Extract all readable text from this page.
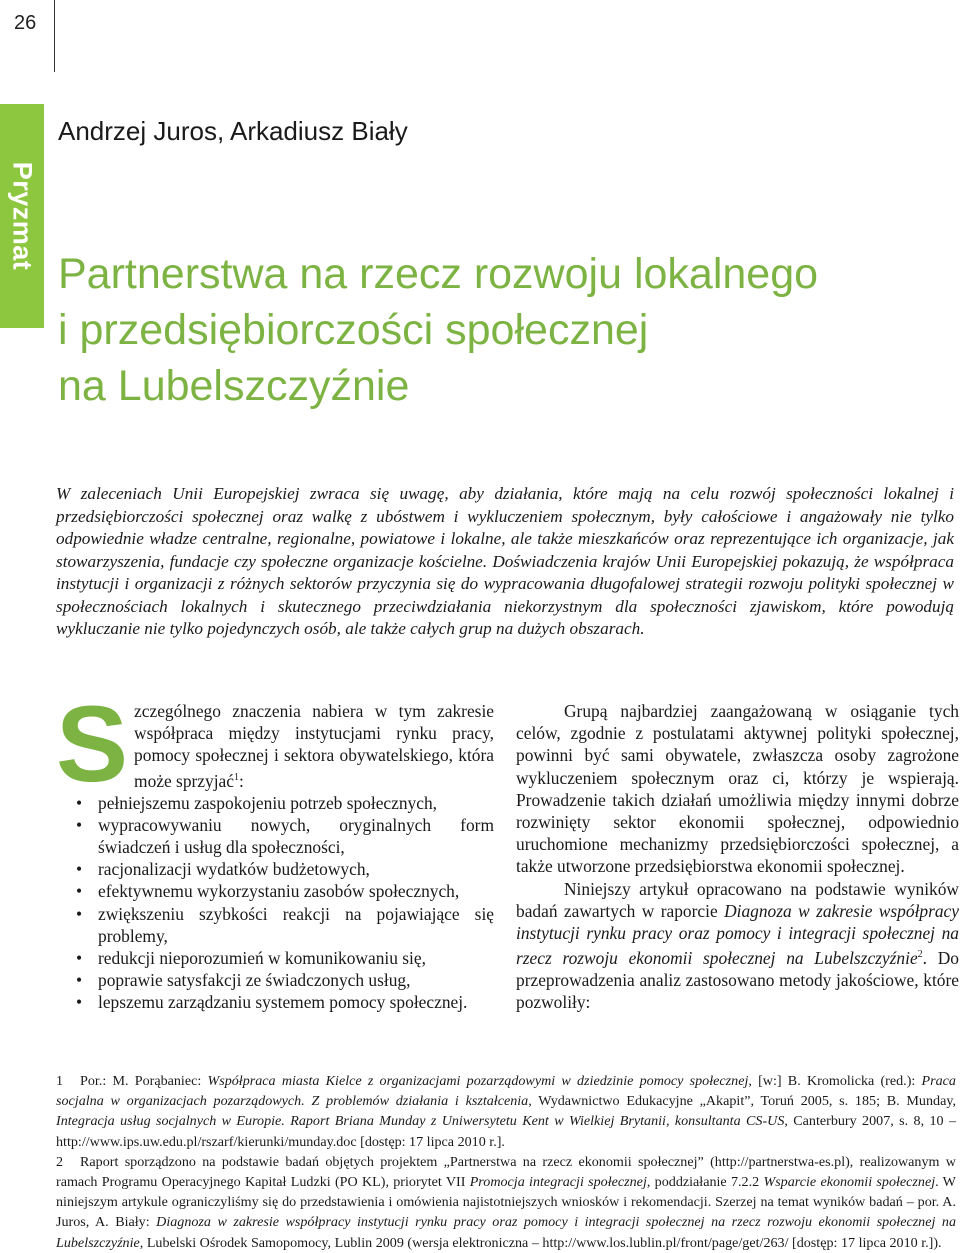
26
Pryzmat
Andrzej Juros, Arkadiusz Biały
Partnerstwa na rzecz rozwoju lokalnego
i przedsiębiorczości społecznej
na Lubelszczyźnie
W zaleceniach Unii Europejskiej zwraca się uwagę, aby działania, które mają na celu rozwój społeczności lokalnej i przedsiębiorczości społecznej oraz walkę z ubóstwem i wykluczeniem społecznym, były całościowe i angażowały nie tylko odpowiednie władze centralne, regionalne, powiatowe i lokalne, ale także mieszkańców oraz reprezentujące ich organizacje, jak stowarzyszenia, fundacje czy społeczne organizacje kościelne. Doświadczenia krajów Unii Europejskiej pokazują, że współpraca instytucji i organizacji z różnych sektorów przyczynia się do wypracowania długofalowej strategii rozwoju polityki społecznej w społecznościach lokalnych i skutecznego przeciwdziałania niekorzystnym dla społeczności zjawiskom, które powodują wykluczanie nie tylko pojedynczych osób, ale także całych grup na dużych obszarach.

Szczególnego znaczenia nabiera w tym zakresie współpraca między instytucjami rynku pracy, pomocy społecznej i sektora obywatelskiego, która może sprzyjać$^1$:

• pełniejszemu zaspokojeniu potrzeb społecznych,
• wypracowywaniu nowych, oryginalnych form świadczeń i usług dla społeczności,
• racjonalizacji wydatków budżetowych,
• efektywnemu wykorzystaniu zasobów społecznych,
• zwiększeniu szybkości reakcji na pojawiające się problemy,
• redukcji nieporozumień w komunikowaniu się,
• poprawie satysfakcji ze świadczonych usług,
• lepszemu zarządzaniu systemem pomocy społecznej.

Grupą najbardziej zaangażowaną w osiąganie tych celów, zgodnie z postulatami aktywnej polityki społecznej, powinni być sami obywatele, zwłaszcza osoby zagrożone wykluczeniem społecznym oraz ci, którzy je wspierają. Prowadzenie takich działań umożliwia między innymi dobrze rozwinięty sektor ekonomii społecznej, odpowiednio uruchomione mechanizmy przedsiębiorczości społecznej, a także utworzone przedsiębiorstwa ekonomii społecznej.

Niniejszy artykuł opracowano na podstawie wyników badań zawartych w raporcie Diagnoza w zakresie współpracy instytucji rynku pracy oraz pomocy i integracji społecznej na rzecz rozwoju ekonomii społecznej na Lubelszczyźnie$^2$. Do przeprowadzenia analiz zastosowano metody jakościowe, które pozwoliły:

1 Por.: M. Porąbaniec: Współpraca miasta Kielce z organizacjami pozarządowymi w dziedzinie pomocy społecznej, [w:] B. Kromolicka (red.): Praca socjalna w organizacjach pozarządowych. Z problemów działania i kształcenia, Wydawnictwo Edukacyjne „Akapit”, Toruń 2005, s. 185; B. Munday, Integracja usług socjalnych w Europie. Raport Briana Munday z Uniwersytetu Kent w Wielkiej Brytanii, konsultanta CS-US, Canterbury 2007, s. 8, 10 – http://www.ips.uw.edu.pl/rszarf/kierunki/munday.doc [dostęp: 17 lipca 2010 r.].

2 Raport sporządzono na podstawie badań objętych projektem „Partnerstwa na rzecz ekonomii społecznej” (http://partnerstwa-es.pl), realizowanym w ramach Programu Operacyjnego Kapitał Ludzki (PO KL), priorytet VII Promocja integracji społecznej, poddziałanie 7.2.2 Wsparcie ekonomii społecznej. W niniejszym artykule ograniczyliśmy się do przedstawienia i omówienia najistotniejszych wniosków i rekomendacji. Szerzej na temat wyników badań – por. A. Juros, A. Biały: Diagnoza w zakresie współpracy instytucji rynku pracy oraz pomocy i integracji społecznej na rzecz rozwoju ekonomii społecznej na Lubelszczyźnie, Lubelski Ośrodek Samopomocy, Lublin 2009 (wersja elektroniczna – http://www.los.lublin.pl/front/page/get/263/ [dostęp: 17 lipca 2010 r.]).
